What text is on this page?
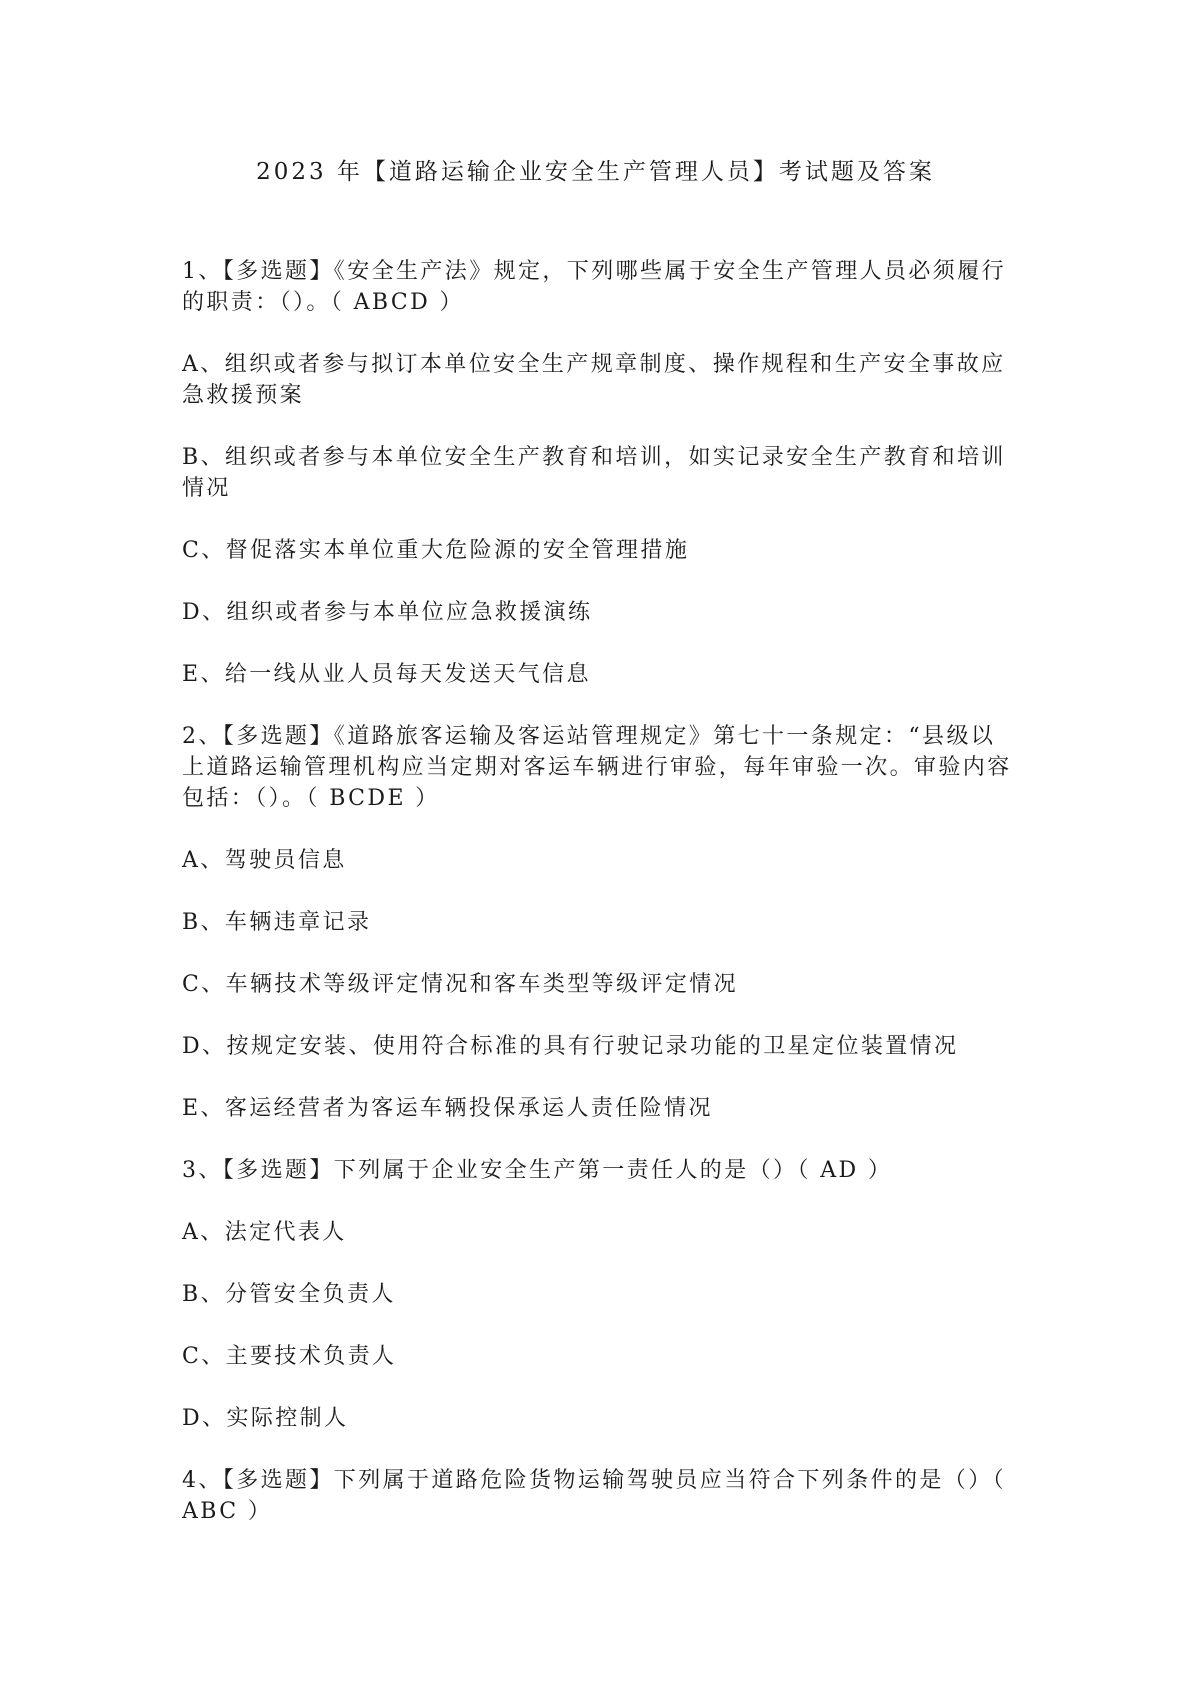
2023 年【道路运输企业安全生产管理人员】考试题及答案

1、【多选题】《安全生产法》规定，下列哪些属于安全生产管理人员必须履行的职责：（）。（ ABCD ）

A、组织或者参与拟订本单位安全生产规章制度、操作规程和生产安全事故应急救援预案

B、组织或者参与本单位安全生产教育和培训，如实记录安全生产教育和培训情况

C、督促落实本单位重大危险源的安全管理措施

D、组织或者参与本单位应急救援演练

E、给一线从业人员每天发送天气信息

2、【多选题】《道路旅客运输及客运站管理规定》第七十一条规定：“县级以上道路运输管理机构应当定期对客运车辆进行审验，每年审验一次。审验内容包括：（）。（ BCDE ）

A、驾驶员信息

B、车辆违章记录

C、车辆技术等级评定情况和客车类型等级评定情况

D、按规定安装、使用符合标准的具有行驶记录功能的卫星定位装置情况

E、客运经营者为客运车辆投保承运人责任险情况

3、【多选题】下列属于企业安全生产第一责任人的是（）（ AD ）

A、法定代表人

B、分管安全负责人

C、主要技术负责人

D、实际控制人

4、【多选题】下列属于道路危险货物运输驾驶员应当符合下列条件的是（）（ ABC ）
